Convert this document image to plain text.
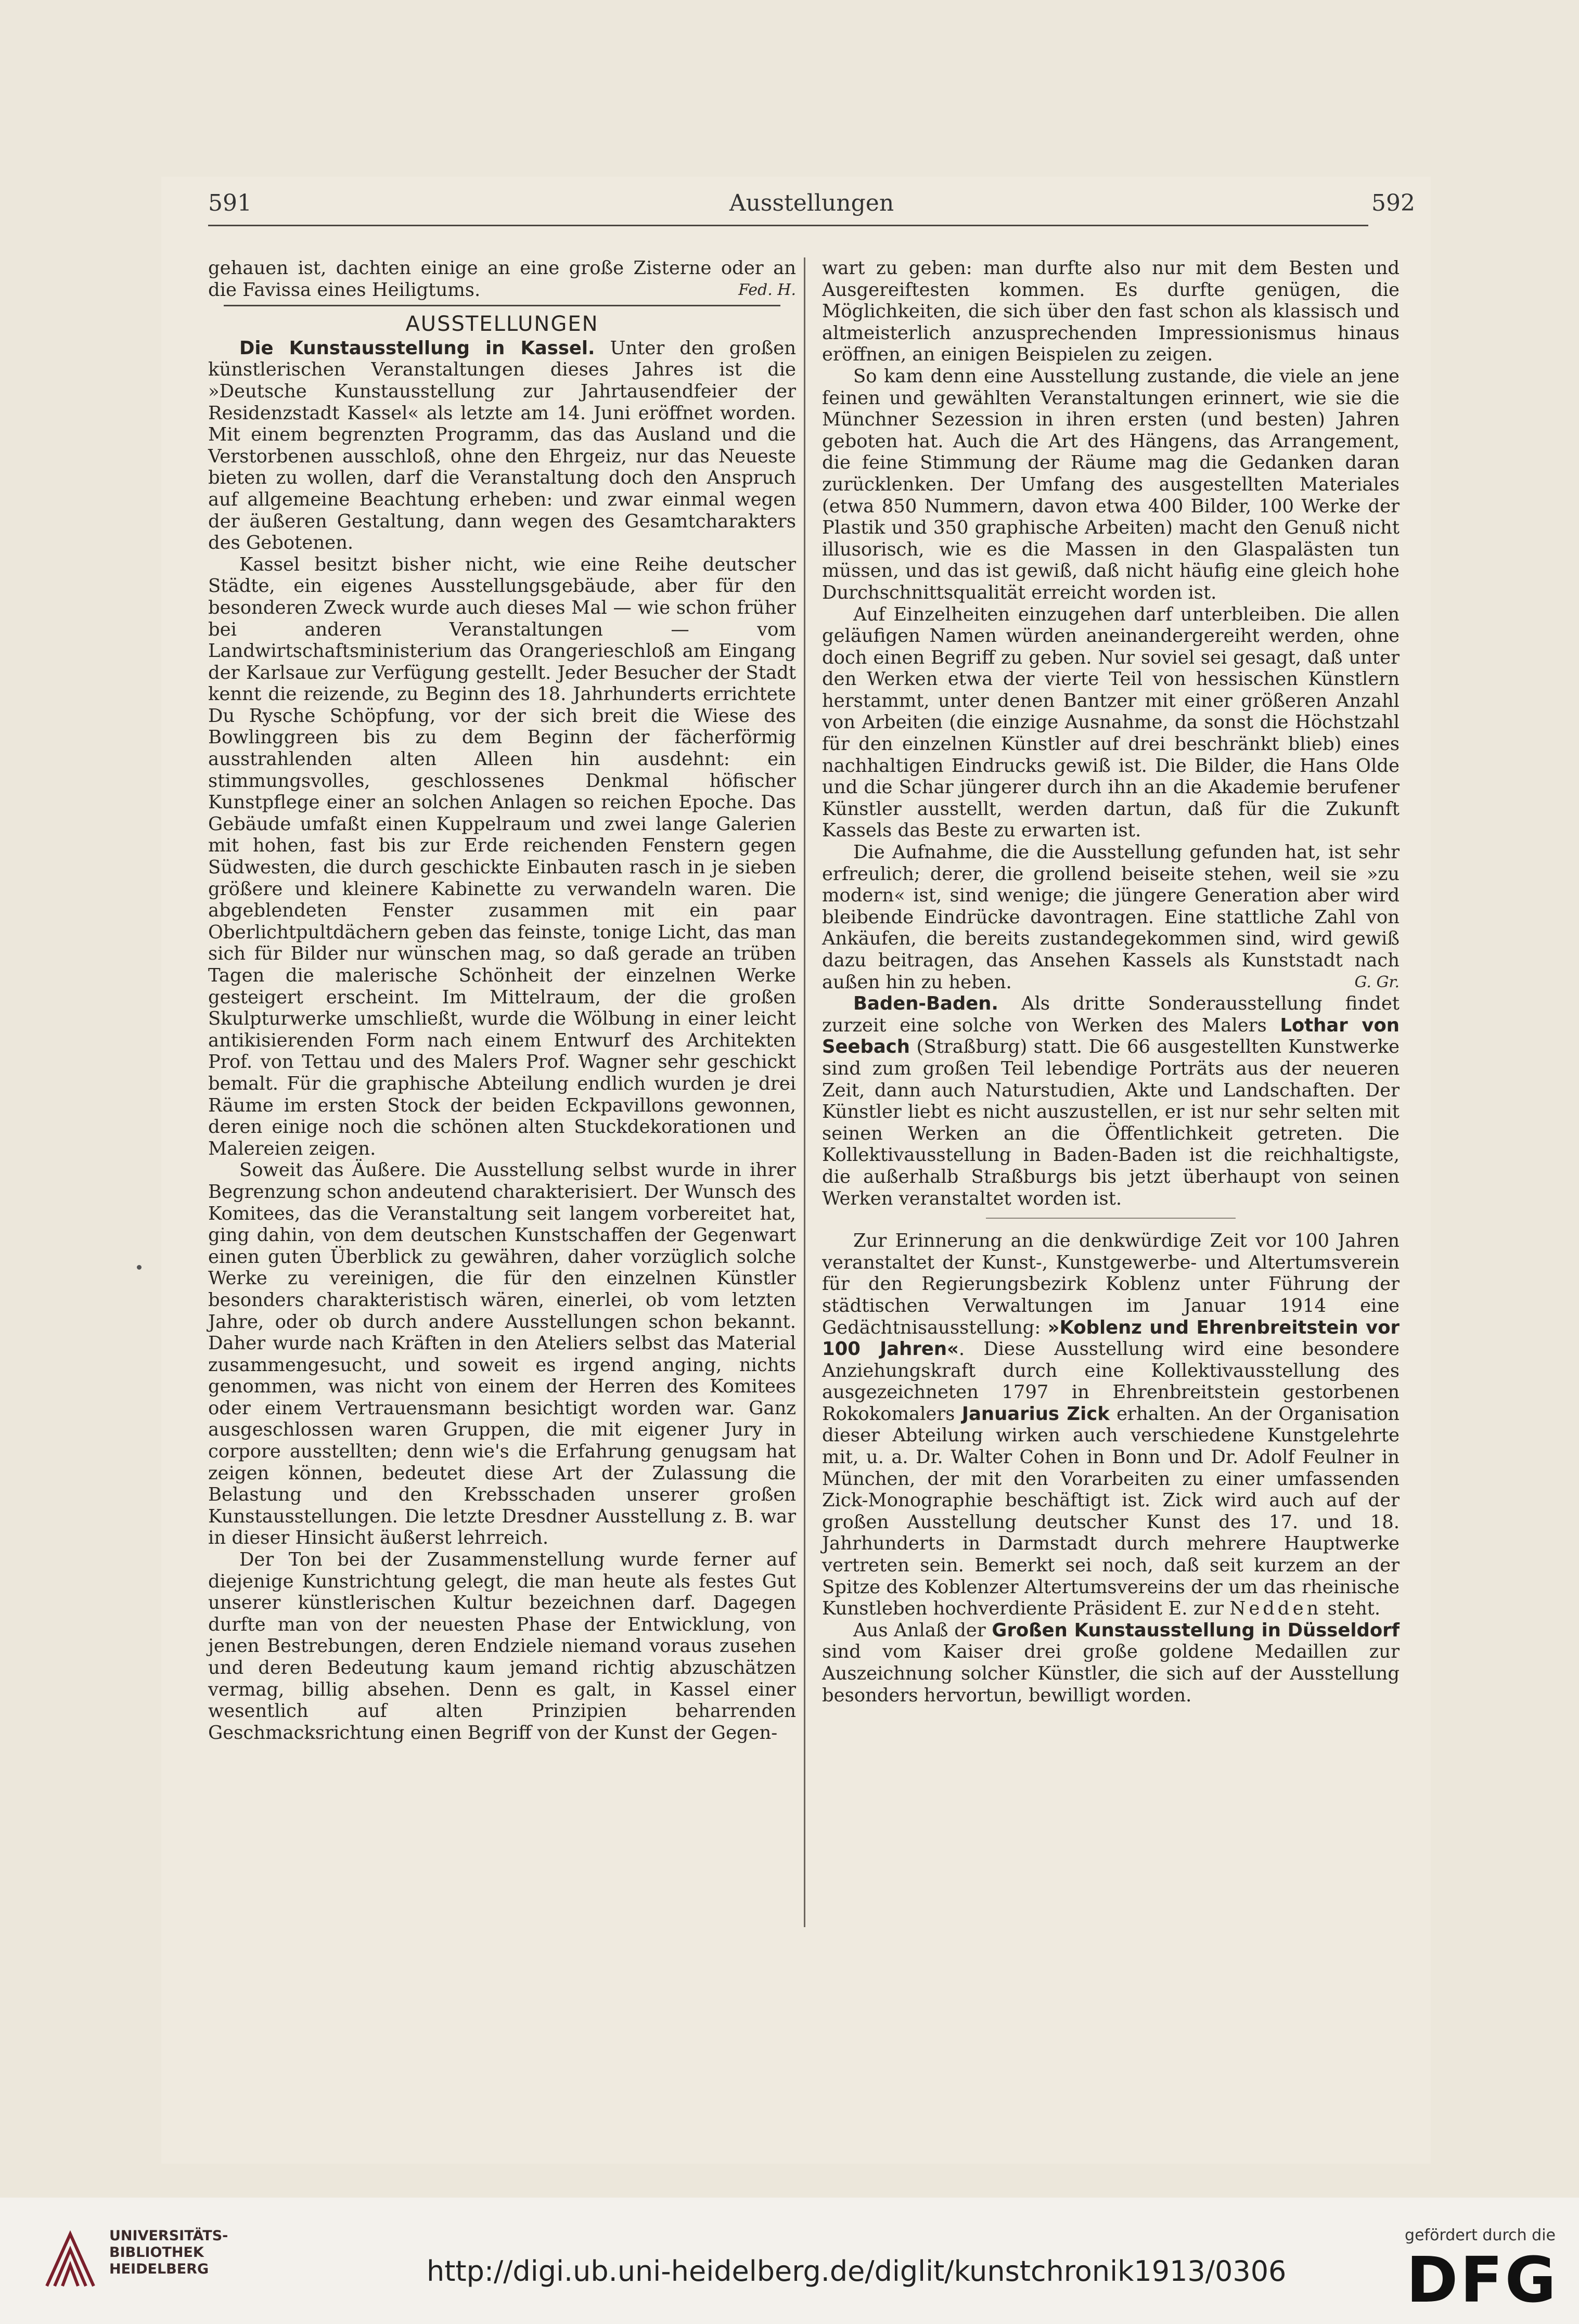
591	Ausstellungen	592

gehauen ist, dachten einige an eine große Zisterne oder an die Favissa eines Heiligtums.	Fed. H.

AUSSTELLUNGEN

Die Kunstausstellung in Kassel. Unter den großen künstlerischen Veranstaltungen dieses Jahres ist die »Deutsche Kunstausstellung zur Jahrtausendfeier der Residenzstadt Kassel« als letzte am 14. Juni eröffnet worden. Mit einem begrenzten Programm, das das Ausland und die Verstorbenen ausschloß, ohne den Ehrgeiz, nur das Neueste bieten zu wollen, darf die Veranstaltung doch den Anspruch auf allgemeine Beachtung erheben: und zwar einmal wegen der äußeren Gestaltung, dann wegen des Gesamtcharakters des Gebotenen.

Kassel besitzt bisher nicht, wie eine Reihe deutscher Städte, ein eigenes Ausstellungsgebäude, aber für den besonderen Zweck wurde auch dieses Mal — wie schon früher bei anderen Veranstaltungen — vom Landwirtschaftsministerium das Orangerieschloß am Eingang der Karlsaue zur Verfügung gestellt. Jeder Besucher der Stadt kennt die reizende, zu Beginn des 18. Jahrhunderts errichtete Du Rysche Schöpfung, vor der sich breit die Wiese des Bowlinggreen bis zu dem Beginn der fächerförmig ausstrahlenden alten Alleen hin ausdehnt: ein stimmungsvolles, geschlossenes Denkmal höfischer Kunstpflege einer an solchen Anlagen so reichen Epoche. Das Gebäude umfaßt einen Kuppelraum und zwei lange Galerien mit hohen, fast bis zur Erde reichenden Fenstern gegen Südwesten, die durch geschickte Einbauten rasch in je sieben größere und kleinere Kabinette zu verwandeln waren. Die abgeblendeten Fenster zusammen mit ein paar Oberlichtpultdächern geben das feinste, tonige Licht, das man sich für Bilder nur wünschen mag, so daß gerade an trüben Tagen die malerische Schönheit der einzelnen Werke gesteigert erscheint. Im Mittelraum, der die großen Skulpturwerke umschließt, wurde die Wölbung in einer leicht antikisierenden Form nach einem Entwurf des Architekten Prof. von Tettau und des Malers Prof. Wagner sehr geschickt bemalt. Für die graphische Abteilung endlich wurden je drei Räume im ersten Stock der beiden Eckpavillons gewonnen, deren einige noch die schönen alten Stuckdekorationen und Malereien zeigen.

Soweit das Äußere. Die Ausstellung selbst wurde in ihrer Begrenzung schon andeutend charakterisiert. Der Wunsch des Komitees, das die Veranstaltung seit langem vorbereitet hat, ging dahin, von dem deutschen Kunstschaffen der Gegenwart einen guten Überblick zu gewähren, daher vorzüglich solche Werke zu vereinigen, die für den einzelnen Künstler besonders charakteristisch wären, einerlei, ob vom letzten Jahre, oder ob durch andere Ausstellungen schon bekannt. Daher wurde nach Kräften in den Ateliers selbst das Material zusammengesucht, und soweit es irgend anging, nichts genommen, was nicht von einem der Herren des Komitees oder einem Vertrauensmann besichtigt worden war. Ganz ausgeschlossen waren Gruppen, die mit eigener Jury in corpore ausstellten; denn wie's die Erfahrung genugsam hat zeigen können, bedeutet diese Art der Zulassung die Belastung und den Krebsschaden unserer großen Kunstausstellungen. Die letzte Dresdner Ausstellung z. B. war in dieser Hinsicht äußerst lehrreich.

Der Ton bei der Zusammenstellung wurde ferner auf diejenige Kunstrichtung gelegt, die man heute als festes Gut unserer künstlerischen Kultur bezeichnen darf. Dagegen durfte man von der neuesten Phase der Entwicklung, von jenen Bestrebungen, deren Endziele niemand voraus zusehen und deren Bedeutung kaum jemand richtig abzuschätzen vermag, billig absehen. Denn es galt, in Kassel einer wesentlich auf alten Prinzipien beharrenden Geschmacksrichtung einen Begriff von der Kunst der Gegen-

wart zu geben: man durfte also nur mit dem Besten und Ausgereiftesten kommen. Es durfte genügen, die Möglichkeiten, die sich über den fast schon als klassisch und altmeisterlich anzusprechenden Impressionismus hinaus eröffnen, an einigen Beispielen zu zeigen.

So kam denn eine Ausstellung zustande, die viele an jene feinen und gewählten Veranstaltungen erinnert, wie sie die Münchner Sezession in ihren ersten (und besten) Jahren geboten hat. Auch die Art des Hängens, das Arrangement, die feine Stimmung der Räume mag die Gedanken daran zurücklenken. Der Umfang des ausgestellten Materiales (etwa 850 Nummern, davon etwa 400 Bilder, 100 Werke der Plastik und 350 graphische Arbeiten) macht den Genuß nicht illusorisch, wie es die Massen in den Glaspalästen tun müssen, und das ist gewiß, daß nicht häufig eine gleich hohe Durchschnittsqualität erreicht worden ist.

Auf Einzelheiten einzugehen darf unterbleiben. Die allen geläufigen Namen würden aneinandergereiht werden, ohne doch einen Begriff zu geben. Nur soviel sei gesagt, daß unter den Werken etwa der vierte Teil von hessischen Künstlern herstammt, unter denen Bantzer mit einer größeren Anzahl von Arbeiten (die einzige Ausnahme, da sonst die Höchstzahl für den einzelnen Künstler auf drei beschränkt blieb) eines nachhaltigen Eindrucks gewiß ist. Die Bilder, die Hans Olde und die Schar jüngerer durch ihn an die Akademie berufener Künstler ausstellt, werden dartun, daß für die Zukunft Kassels das Beste zu erwarten ist.

Die Aufnahme, die die Ausstellung gefunden hat, ist sehr erfreulich; derer, die grollend beiseite stehen, weil sie »zu modern« ist, sind wenige; die jüngere Generation aber wird bleibende Eindrücke davontragen. Eine stattliche Zahl von Ankäufen, die bereits zustandegekommen sind, wird gewiß dazu beitragen, das Ansehen Kassels als Kunststadt nach außen hin zu heben.	G. Gr.

Baden-Baden. Als dritte Sonderausstellung findet zurzeit eine solche von Werken des Malers Lothar von Seebach (Straßburg) statt. Die 66 ausgestellten Kunstwerke sind zum großen Teil lebendige Porträts aus der neueren Zeit, dann auch Naturstudien, Akte und Landschaften. Der Künstler liebt es nicht auszustellen, er ist nur sehr selten mit seinen Werken an die Öffentlichkeit getreten. Die Kollektivausstellung in Baden-Baden ist die reichhaltigste, die außerhalb Straßburgs bis jetzt überhaupt von seinen Werken veranstaltet worden ist.

Zur Erinnerung an die denkwürdige Zeit vor 100 Jahren veranstaltet der Kunst-, Kunstgewerbe- und Altertumsverein für den Regierungsbezirk Koblenz unter Führung der städtischen Verwaltungen im Januar 1914 eine Gedächtnisausstellung: »Koblenz und Ehrenbreitstein vor 100 Jahren«. Diese Ausstellung wird eine besondere Anziehungskraft durch eine Kollektivausstellung des ausgezeichneten 1797 in Ehrenbreitstein gestorbenen Rokokomalers Januarius Zick erhalten. An der Organisation dieser Abteilung wirken auch verschiedene Kunstgelehrte mit, u. a. Dr. Walter Cohen in Bonn und Dr. Adolf Feulner in München, der mit den Vorarbeiten zu einer umfassenden Zick-Monographie beschäftigt ist. Zick wird auch auf der großen Ausstellung deutscher Kunst des 17. und 18. Jahrhunderts in Darmstadt durch mehrere Hauptwerke vertreten sein. Bemerkt sei noch, daß seit kurzem an der Spitze des Koblenzer Altertumsvereins der um das rheinische Kunstleben hochverdiente Präsident E. zur Nedden steht.

Aus Anlaß der Großen Kunstausstellung in Düsseldorf sind vom Kaiser drei große goldene Medaillen zur Auszeichnung solcher Künstler, die sich auf der Ausstellung besonders hervortun, bewilligt worden.

UNIVERSITÄTS-
BIBLIOTHEK
HEIDELBERG	http://digi.ub.uni-heidelberg.de/diglit/kunstchronik1913/0306
gefördert durch die
DFG
